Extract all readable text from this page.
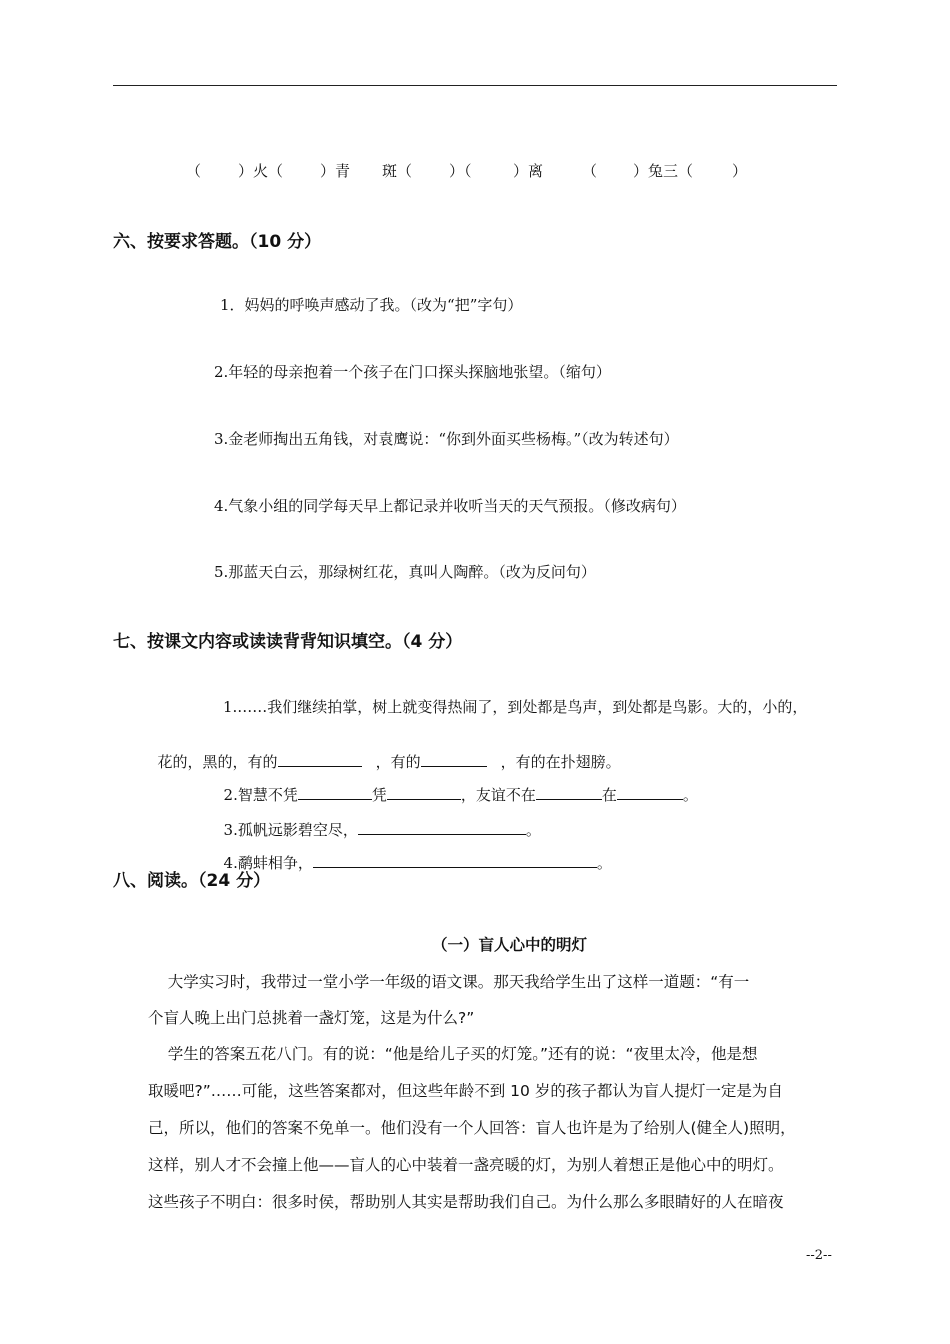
（ ）火（ ）青 斑（ ）（	）离	（ ）兔三（	）
六、按要求答题。（10 分）
1．妈妈的呼唤声感动了我。（改为“把”字句）
2.年轻的母亲抱着一个孩子在门口探头探脑地张望。（缩句）
3.金老师掏出五角钱，对袁鹰说：“你到外面买些杨梅。”（改为转述句）
4.气象小组的同学每天早上都记录并收听当天的天气预报。（修改病句）
5.那蓝天白云，那绿树红花，真叫人陶醉。（改为反问句）
七、按课文内容或读读背背知识填空。（4 分）
1.……我们继续拍掌，树上就变得热闹了，到处都是鸟声，到处都是鸟影。大的，小的，

花的，黑的，有的	，有的	，有的在扑翅膀。

2.智慧不凭	凭	，友谊不在	在	。

3.孤帆远影碧空尽，	。

4.鹬蚌相争，	。

八、阅读。（24 分）
（一）盲人心中的明灯
大学实习时，我带过一堂小学一年级的语文课。那天我给学生出了这样一道题：“有一
个盲人晚上出门总挑着一盏灯笼，这是为什么?”
学生的答案五花八门。有的说：“他是给儿子买的灯笼。”还有的说：“夜里太冷，他是想
取暖吧?”……可能，这些答案都对，但这些年龄不到 10 岁的孩子都认为盲人提灯一定是为自
己，所以，他们的答案不免单一。他们没有一个人回答：盲人也许是为了给别人(健全人)照明，
这样，别人才不会撞上他——盲人的心中装着一盏亮暖的灯，为别人着想正是他心中的明灯。
这些孩子不明白：很多时侯，帮助别人其实是帮助我们自己。为什么那么多眼睛好的人在暗夜
--2--
